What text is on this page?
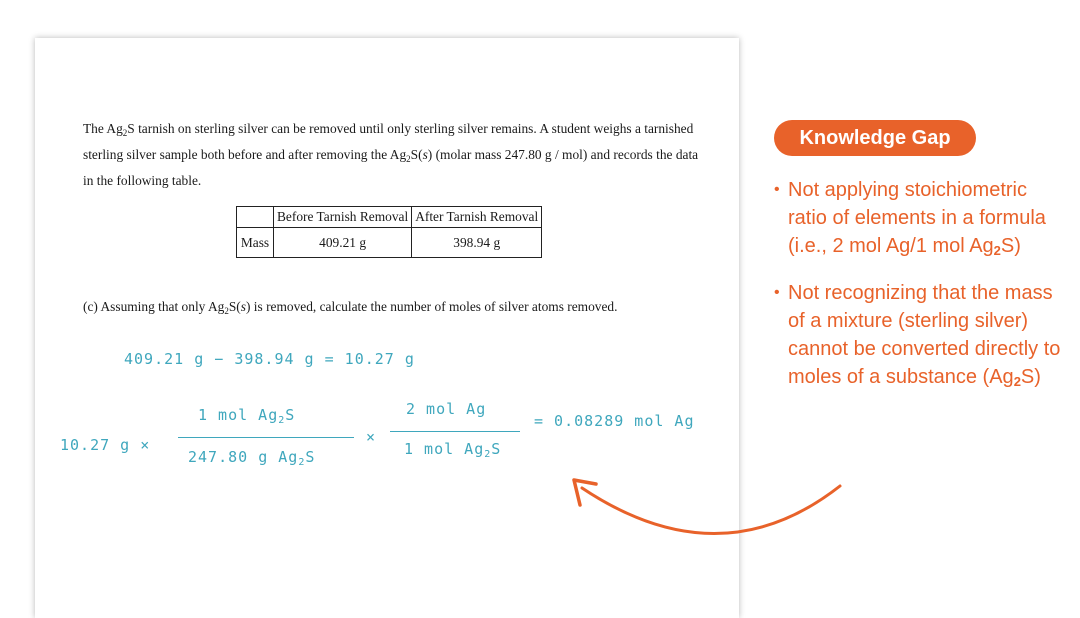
The $Ag_2S$ tarnish on sterling silver can be removed until only sterling silver remains. A student weighs a tarnished sterling silver sample both before and after removing the $Ag_2S(s)$ (molar mass 247.80 g / mol) and records the data in the following table.
	Before Tarnish Removal	After Tarnish Removal
Mass	409.21 g	398.94 g
(c) Assuming that only $Ag_2S(s)$ is removed, calculate the number of moles of silver atoms removed.
409.21 g − 398.94 g = 10.27 g
10.27 g ×
1 mol $Ag_2S$
247.80 g $Ag_2S$
×
2 mol Ag
1 mol $Ag_2S$
= 0.08289 mol Ag
Knowledge Gap
• Not applying stoichiometric ratio of elements in a formula (i.e., 2 mol Ag/1 mol $Ag_2S$)
• Not recognizing that the mass of a mixture (sterling silver) cannot be converted directly to moles of a substance $(Ag_2S)$
